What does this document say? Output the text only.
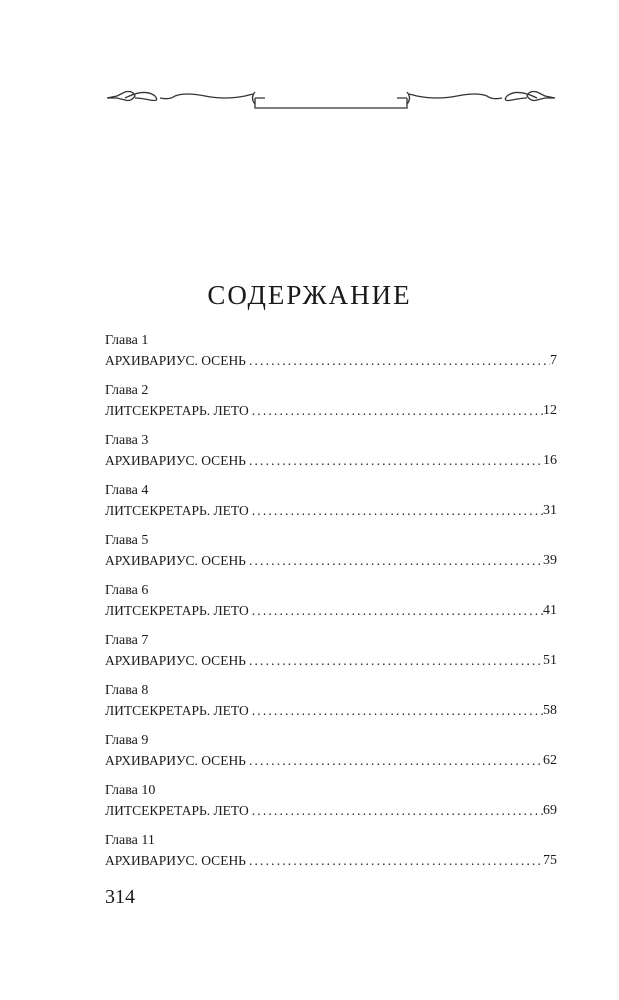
СОДЕРЖАНИЕ
Глава 1
АРХИВАРИУС. ОСЕНЬ . . .	7
Глава 2
ЛИТСЕКРЕТАРЬ. ЛЕТО . . .	12
Глава 3
АРХИВАРИУС. ОСЕНЬ . . .	16
Глава 4
ЛИТСЕКРЕТАРЬ. ЛЕТО . . .	31
Глава 5
АРХИВАРИУС. ОСЕНЬ . . .	39
Глава 6
ЛИТСЕКРЕТАРЬ. ЛЕТО . . .	41
Глава 7
АРХИВАРИУС. ОСЕНЬ . . .	51
Глава 8
ЛИТСЕКРЕТАРЬ. ЛЕТО . . .	58
Глава 9
АРХИВАРИУС. ОСЕНЬ . . .	62
Глава 10
ЛИТСЕКРЕТАРЬ. ЛЕТО . . .	69
Глава 11
АРХИВАРИУС. ОСЕНЬ . . .	75
314
